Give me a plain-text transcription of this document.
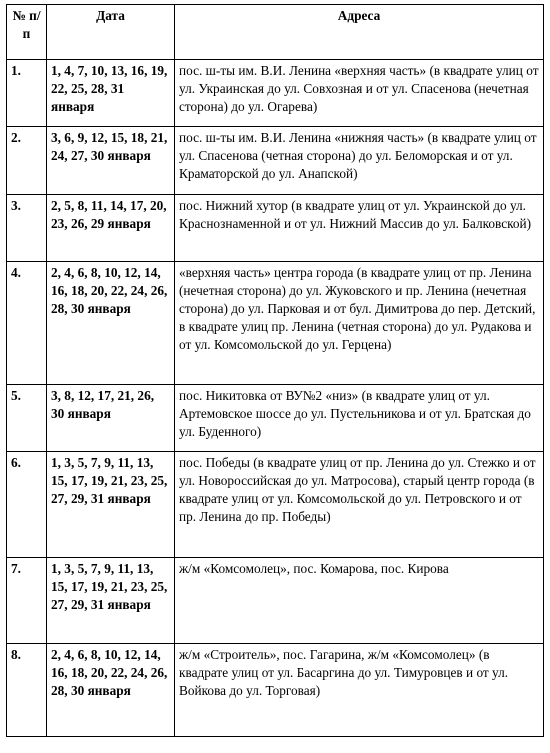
№ п/п	Дата	Адреса
1.	1, 4, 7, 10, 13, 16, 19, 22, 25, 28, 31 января	пос. ш-ты им. В.И. Ленина «верхняя часть» (в квадрате улиц от ул. Украинская до ул. Совхозная и от ул. Спасенова (нечетная сторона) до ул. Огарева)
2.	3, 6, 9, 12, 15, 18, 21, 24, 27, 30 января	пос. ш-ты им. В.И. Ленина «нижняя часть» (в квадрате улиц от ул. Спасенова (четная сторона) до ул. Беломорская и от ул. Краматорской до ул. Анапской)
3.	2, 5, 8, 11, 14, 17, 20, 23, 26, 29 января	пос. Нижний хутор (в квадрате улиц от ул. Украинской до ул. Краснознаменной и от ул. Нижний Массив до ул. Балковской)
4.	2, 4, 6, 8, 10, 12, 14, 16, 18, 20, 22, 24, 26, 28, 30 января	«верхняя часть» центра города (в квадрате улиц от пр. Ленина (нечетная сторона) до ул. Жуковского и пр. Ленина (нечетная сторона) до ул. Парковая и от бул. Димитрова до пер. Детский, в квадрате улиц пр. Ленина (четная сторона) до ул. Рудакова и от ул. Комсомольской до ул. Герцена)
5.	3, 8, 12, 17, 21, 26, 30 января	пос. Никитовка от ВУ№2 «низ» (в квадрате улиц от ул. Артемовское шоссе до ул. Пустельникова и от ул. Братская до ул. Буденного)
6.	1, 3, 5, 7, 9, 11, 13, 15, 17, 19, 21, 23, 25, 27, 29, 31 января	пос. Победы (в квадрате улиц от пр. Ленина до ул. Стежко и от ул. Новороссийская до ул. Матросова), старый центр города (в квадрате улиц от ул. Комсомольской до ул. Петровского и от пр. Ленина до пр. Победы)
7.	1, 3, 5, 7, 9, 11, 13, 15, 17, 19, 21, 23, 25, 27, 29, 31 января	ж/м «Комсомолец», пос. Комарова, пос. Кирова
8.	2, 4, 6, 8, 10, 12, 14, 16, 18, 20, 22, 24, 26, 28, 30 января	ж/м «Строитель», пос. Гагарина, ж/м «Комсомолец» (в квадрате улиц от ул. Басаргина до ул. Тимуровцев и от ул. Войкова до ул. Торговая)
